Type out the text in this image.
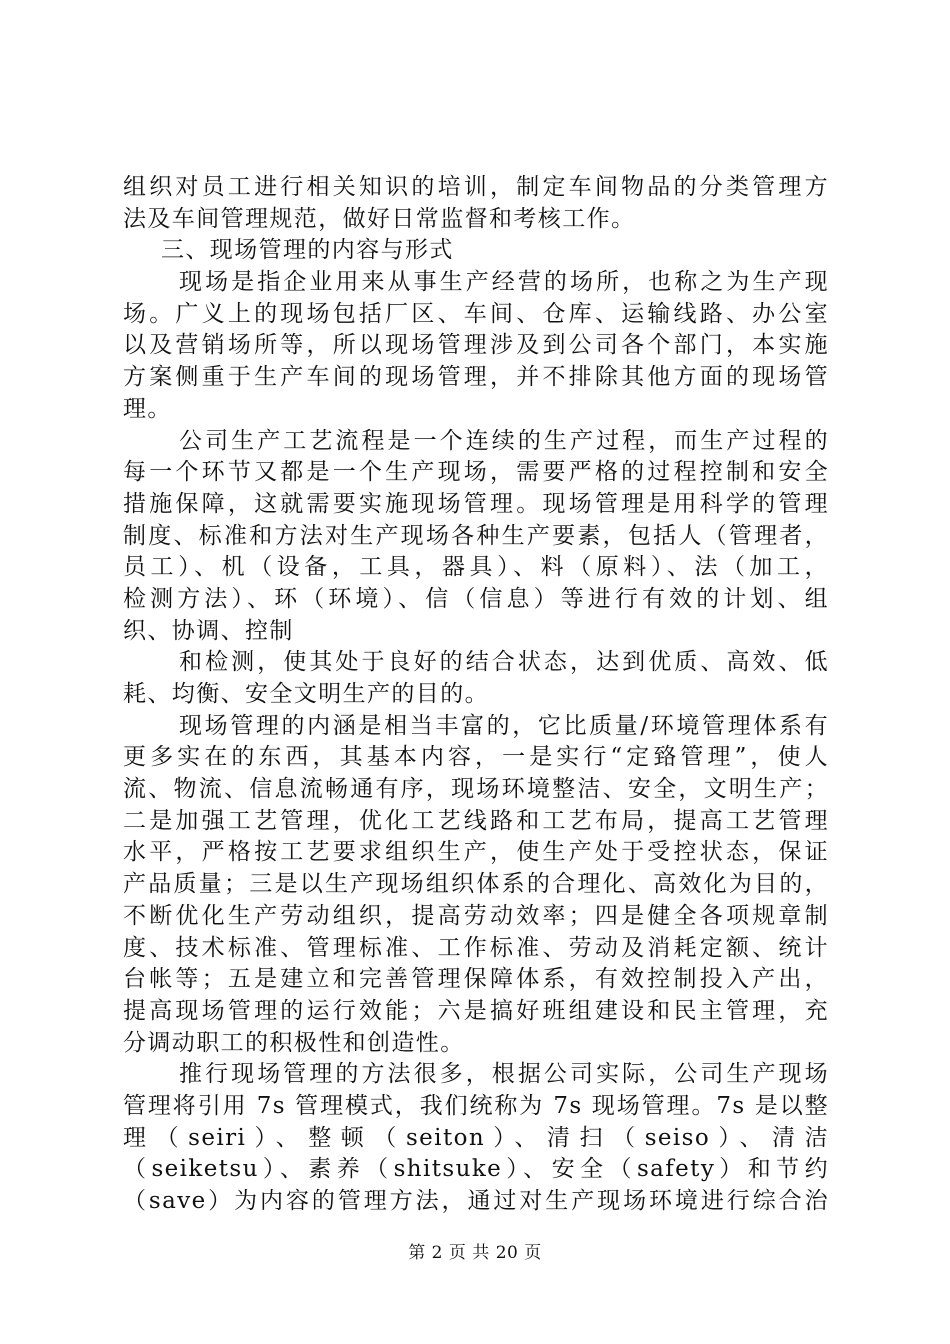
组织对员工进行相关知识的培训，制定车间物品的分类管理方
法及车间管理规范，做好日常监督和考核工作。
三、现场管理的内容与形式
现场是指企业用来从事生产经营的场所，也称之为生产现
场。广义上的现场包括厂区、车间、仓库、运输线路、办公室
以及营销场所等，所以现场管理涉及到公司各个部门，本实施
方案侧重于生产车间的现场管理，并不排除其他方面的现场管
理。
公司生产工艺流程是一个连续的生产过程，而生产过程的
每一个环节又都是一个生产现场，需要严格的过程控制和安全
措施保障，这就需要实施现场管理。现场管理是用科学的管理
制度、标准和方法对生产现场各种生产要素，包括人（管理者，
员工）、机（设备，工具，器具）、料（原料）、法（加工，
检测方法）、环（环境）、信（信息）等进行有效的计划、组
织、协调、控制
和检测，使其处于良好的结合状态，达到优质、高效、低
耗、均衡、安全文明生产的目的。
现场管理的内涵是相当丰富的，它比质量/环境管理体系有
更多实在的东西，其基本内容，一是实行“定臵管理”，使人
流、物流、信息流畅通有序，现场环境整洁、安全，文明生产；
二是加强工艺管理，优化工艺线路和工艺布局，提高工艺管理
水平，严格按工艺要求组织生产，使生产处于受控状态，保证
产品质量；三是以生产现场组织体系的合理化、高效化为目的，
不断优化生产劳动组织，提高劳动效率；四是健全各项规章制
度、技术标准、管理标准、工作标准、劳动及消耗定额、统计
台帐等；五是建立和完善管理保障体系，有效控制投入产出，
提高现场管理的运行效能；六是搞好班组建设和民主管理，充
分调动职工的积极性和创造性。
推行现场管理的方法很多，根据公司实际，公司生产现场
管理将引用 7s 管理模式，我们统称为 7s 现场管理。7s 是以整
理（seiri）、整顿（seiton）、清扫（seiso）、清洁
（seiketsu）、素养（shitsuke）、安全（safety）和节约
（save）为内容的管理方法，通过对生产现场环境进行综合治
第 2 页 共 20 页
